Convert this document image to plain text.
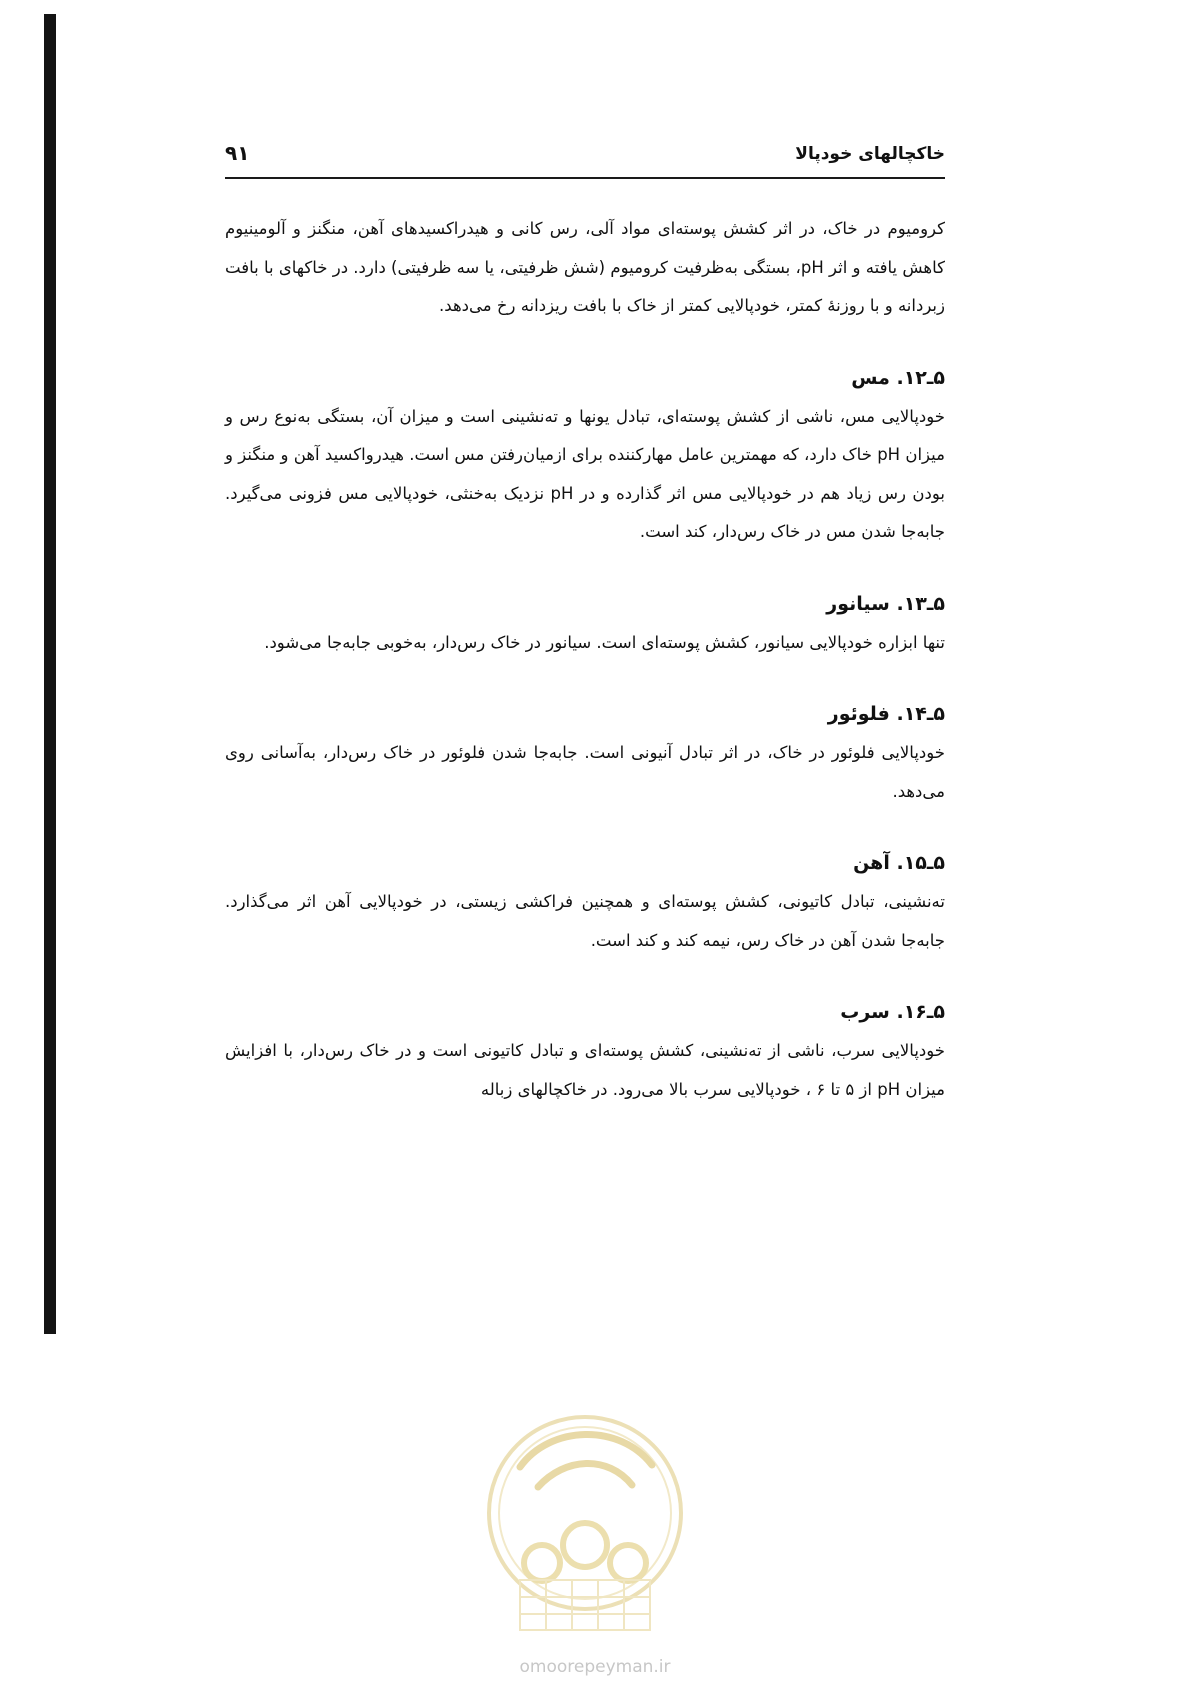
خاکچالهای خودپالا
۹۱

کرومیوم در خاک، در اثر کشش پوسته‌ای مواد آلی، رس کانی و هیدراکسیدهای آهن، منگنز و آلومینیوم کاهش یافته و اثر pH، بستگی به‌ظرفیت کرومیوم (شش ظرفیتی، یا سه ظرفیتی) دارد. در خاکهای با بافت زبردانه و با روزنهٔ کمتر، خودپالایی کمتر از خاک با بافت ریزدانه رخ می‌دهد.

۵ـ۱۲. مس

خودپالایی مس، ناشی از کشش پوسته‌ای، تبادل یونها و ته‌نشینی است و میزان آن، بستگی به‌نوع رس و میزان pH خاک دارد، که مهمترین عامل مهارکننده برای ازمیان‌رفتن مس است. هیدرواکسید آهن و منگنز و بودن رس زیاد هم در خودپالایی مس اثر گذارده و در pH نزدیک به‌خنثی، خودپالایی مس فزونی می‌گیرد. جابه‌جا شدن مس در خاک رس‌دار، کند است.

۵ـ۱۳. سیانور

تنها ابزاره خودپالایی سیانور، کشش پوسته‌ای است. سیانور در خاک رس‌دار، به‌خوبی جابه‌جا می‌شود.

۵ـ۱۴. فلوئور

خودپالایی فلوئور در خاک، در اثر تبادل آنیونی است. جابه‌جا شدن فلوئور در خاک رس‌دار، به‌آسانی روی می‌دهد.

۵ـ۱۵. آهن

ته‌نشینی، تبادل کاتیونی، کشش پوسته‌ای و همچنین فراکشی زیستی، در خودپالایی آهن اثر می‌گذارد. جابه‌جا شدن آهن در خاک رس، نیمه کند و کند است.

۵ـ۱۶. سرب

خودپالایی سرب، ناشی از ته‌نشینی، کشش پوسته‌ای و تبادل کاتیونی است و در خاک رس‌دار، با افزایش میزان pH از ۵ تا ۶ ، خودپالایی سرب بالا می‌رود. در خاکچالهای زباله

omoorepeyman.ir
